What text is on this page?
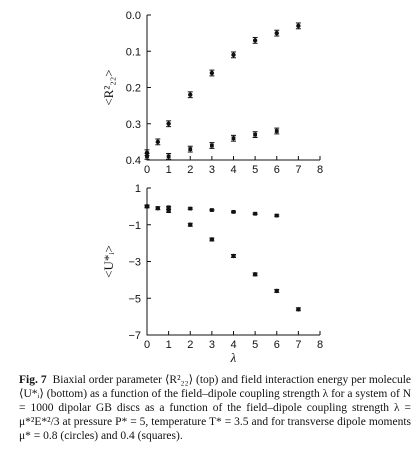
0 1 2 3 4 5 6 7 8
0.0
0.1
0.2
0.3
0.4
<R²₂₂>
0 1 2 3 4 5 6 7 8
1
−1
−3
−5
−7
<U*ᵢ>
λ

Fig. 7 Biaxial order parameter ⟨R²₂₂⟩ (top) and field interaction energy per molecule ⟨U*ᵢ⟩ (bottom) as a function of the field–dipole coupling strength λ for a system of N = 1000 dipolar GB discs as a function of the field–dipole coupling strength λ = μ*²E*²/3 at pressure P* = 5, temperature T* = 3.5 and for transverse dipole moments μ* = 0.8 (circles) and 0.4 (squares).
